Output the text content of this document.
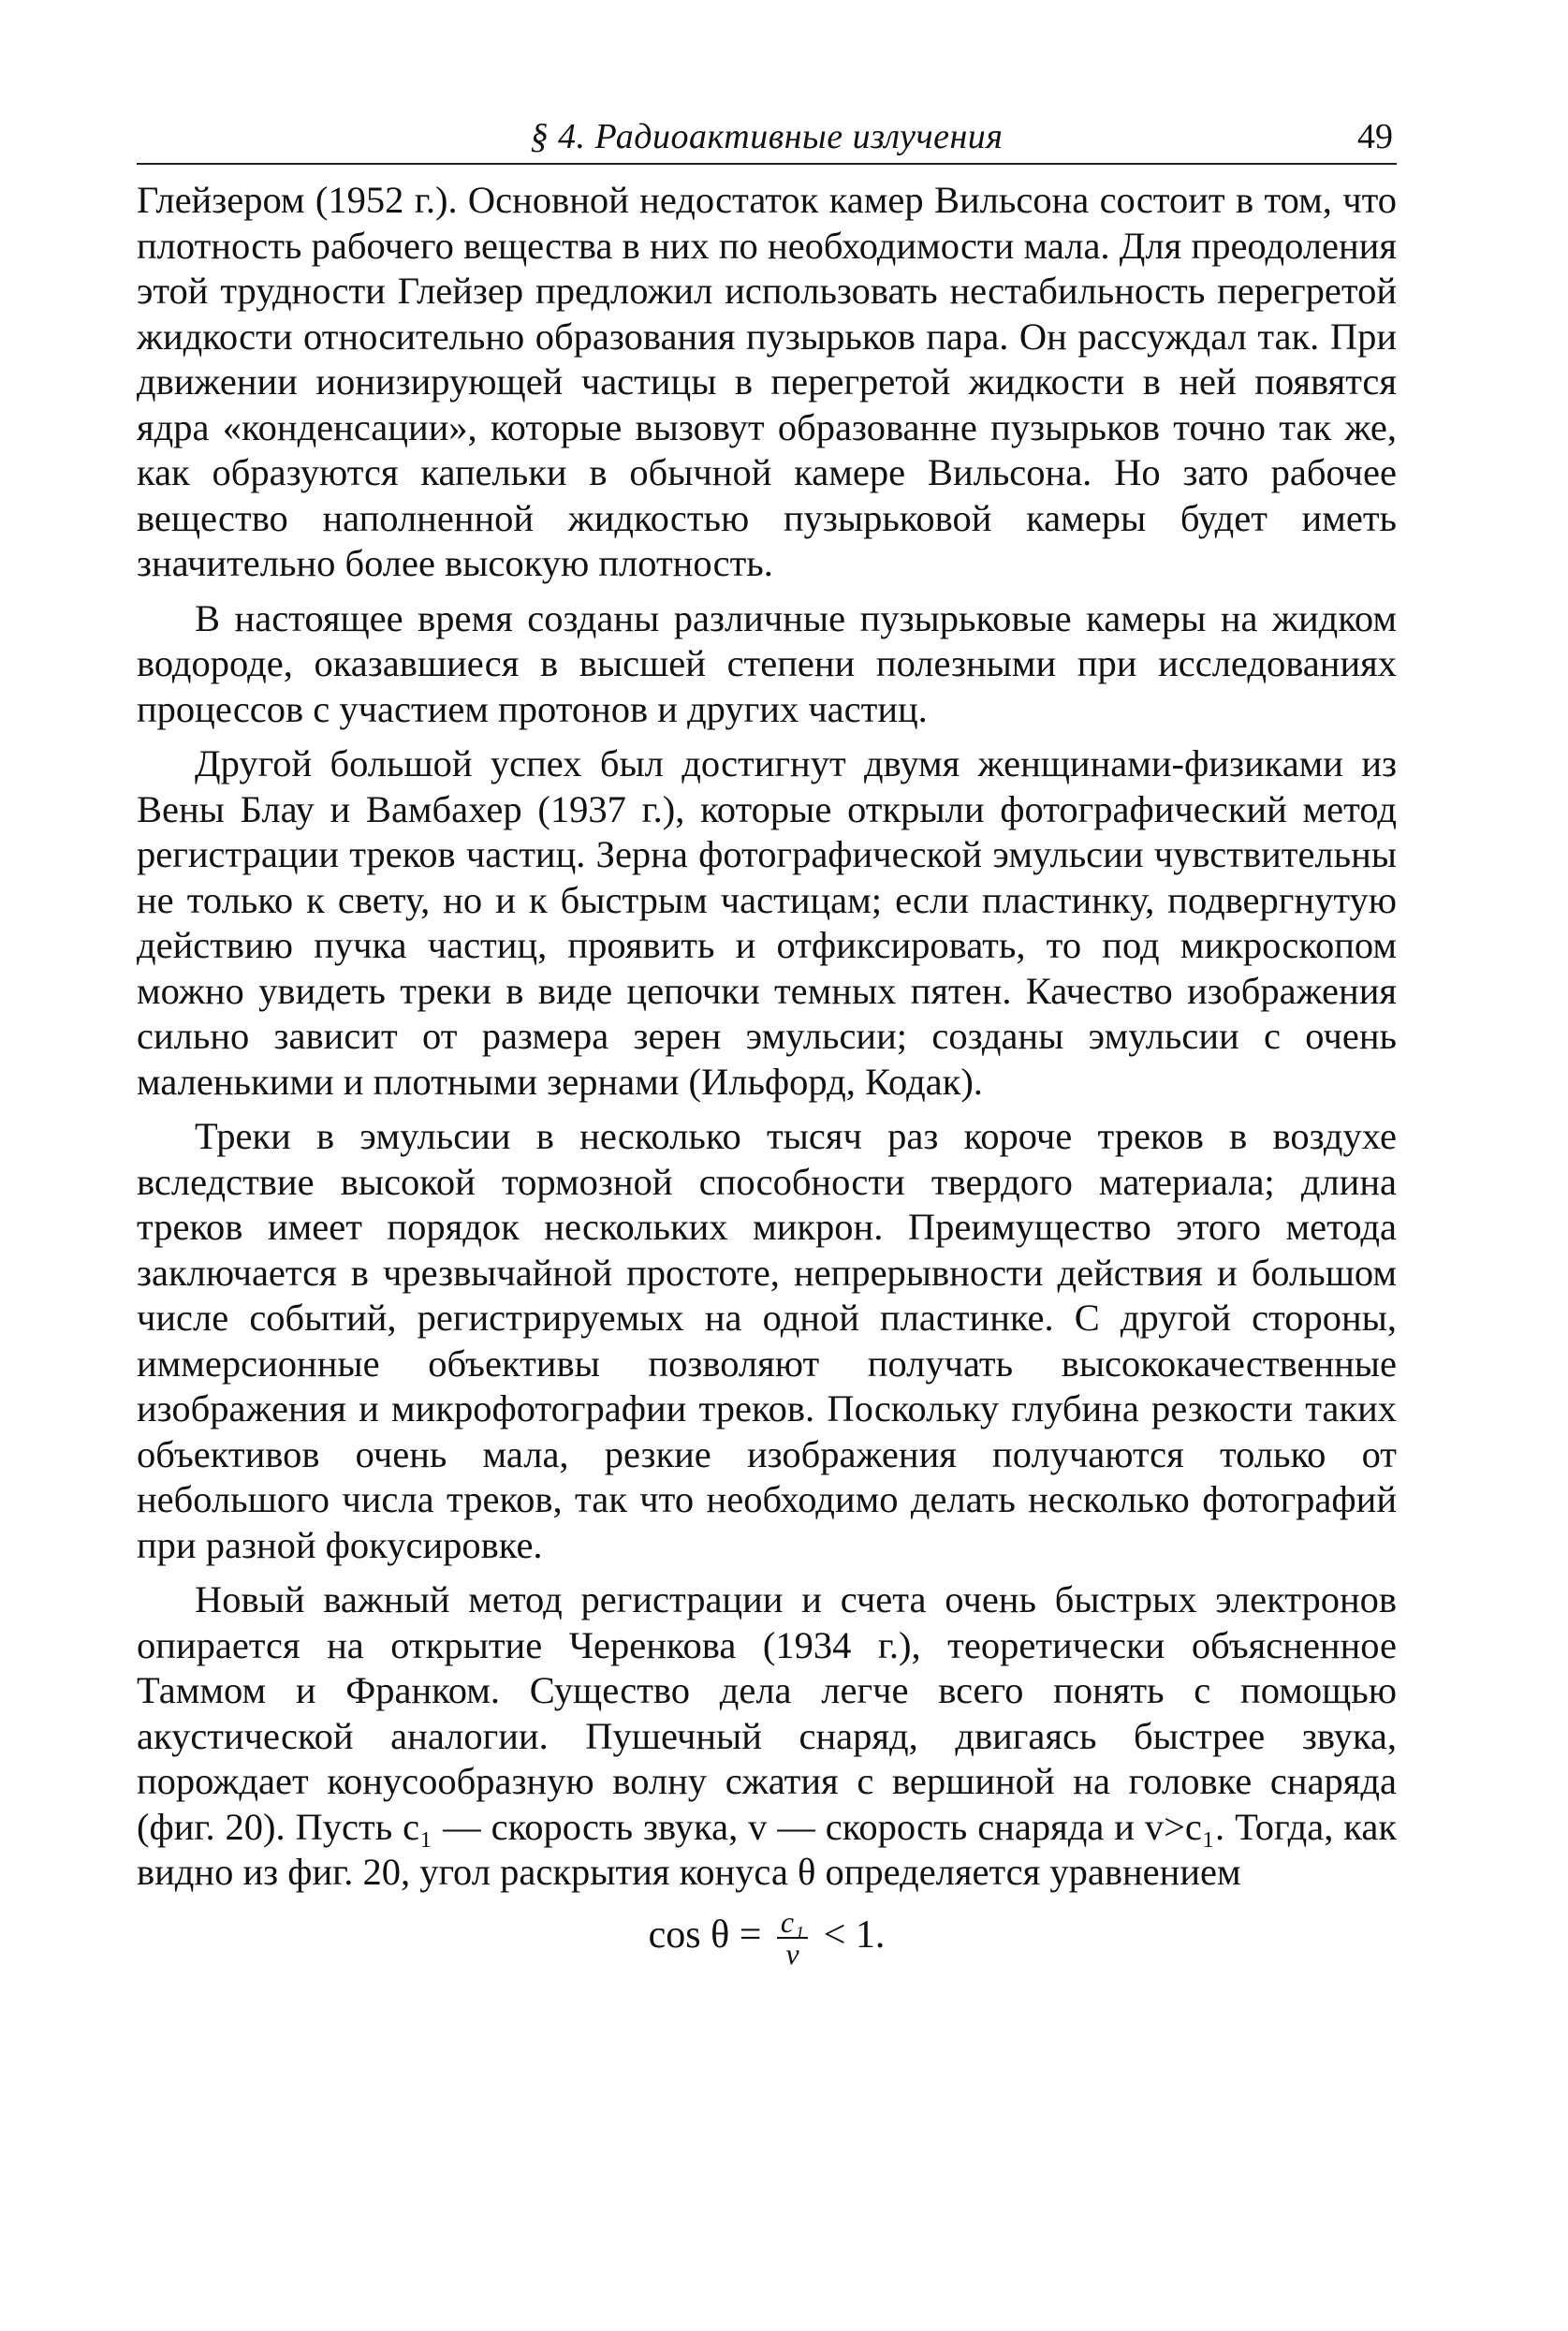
§ 4. Радиоактивные излучения	49

Глейзером (1952 г.). Основной недостаток камер Вильсона состоит в том, что плотность рабочего вещества в них по необходимости мала. Для преодоления этой трудности Глейзер предложил использовать нестабильность перегретой жидкости относительно образования пузырьков пара. Он рассуждал так. При движении ионизирующей частицы в перегретой жидкости в ней появятся ядра «конденсации», которые вызовут образованне пузырьков точно так же, как образуются капельки в обычной камере Вильсона. Но зато рабочее вещество наполненной жидкостью пузырьковой камеры будет иметь значительно более высокую плотность.

В настоящее время созданы различные пузырьковые камеры на жидком водороде, оказавшиеся в высшей степени полезными при исследованиях процессов с участием протонов и других частиц.

Другой большой успех был достигнут двумя женщинами-физиками из Вены Блау и Вамбахер (1937 г.), которые открыли фотографический метод регистрации треков частиц. Зерна фотографической эмульсии чувствительны не только к свету, но и к быстрым частицам; если пластинку, подвергнутую действию пучка частиц, проявить и отфиксировать, то под микроскопом можно увидеть треки в виде цепочки темных пятен. Качество изображения сильно зависит от размера зерен эмульсии; созданы эмульсии с очень маленькими и плотными зернами (Ильфорд, Кодак).

Треки в эмульсии в несколько тысяч раз короче треков в воздухе вследствие высокой тормозной способности твердого материала; длина треков имеет порядок нескольких микрон. Преимущество этого метода заключается в чрезвычайной простоте, непрерывности действия и большом числе событий, регистрируемых на одной пластинке. С другой стороны, иммерсионные объективы позволяют получать высококачественные изображения и микрофотографии треков. Поскольку глубина резкости таких объективов очень мала, резкие изображения получаются только от небольшого числа треков, так что необходимо делать несколько фотографий при разной фокусировке.

Новый важный метод регистрации и счета очень быстрых электронов опирается на открытие Черенкова (1934 г.), теоретически объясненное Таммом и Франком. Существо дела легче всего понять с помощью акустической аналогии. Пушечный снаряд, двигаясь быстрее звука, порождает конусообразную волну сжатия с вершиной на головке снаряда (фиг. 20). Пусть c₁ — скорость звука, v — скорость снаряда и v>c₁. Тогда, как видно из фиг. 20, угол раскрытия конуса θ определяется уравнением

$\cos \theta = \frac{\text{c₁}}{v} < 1$.
